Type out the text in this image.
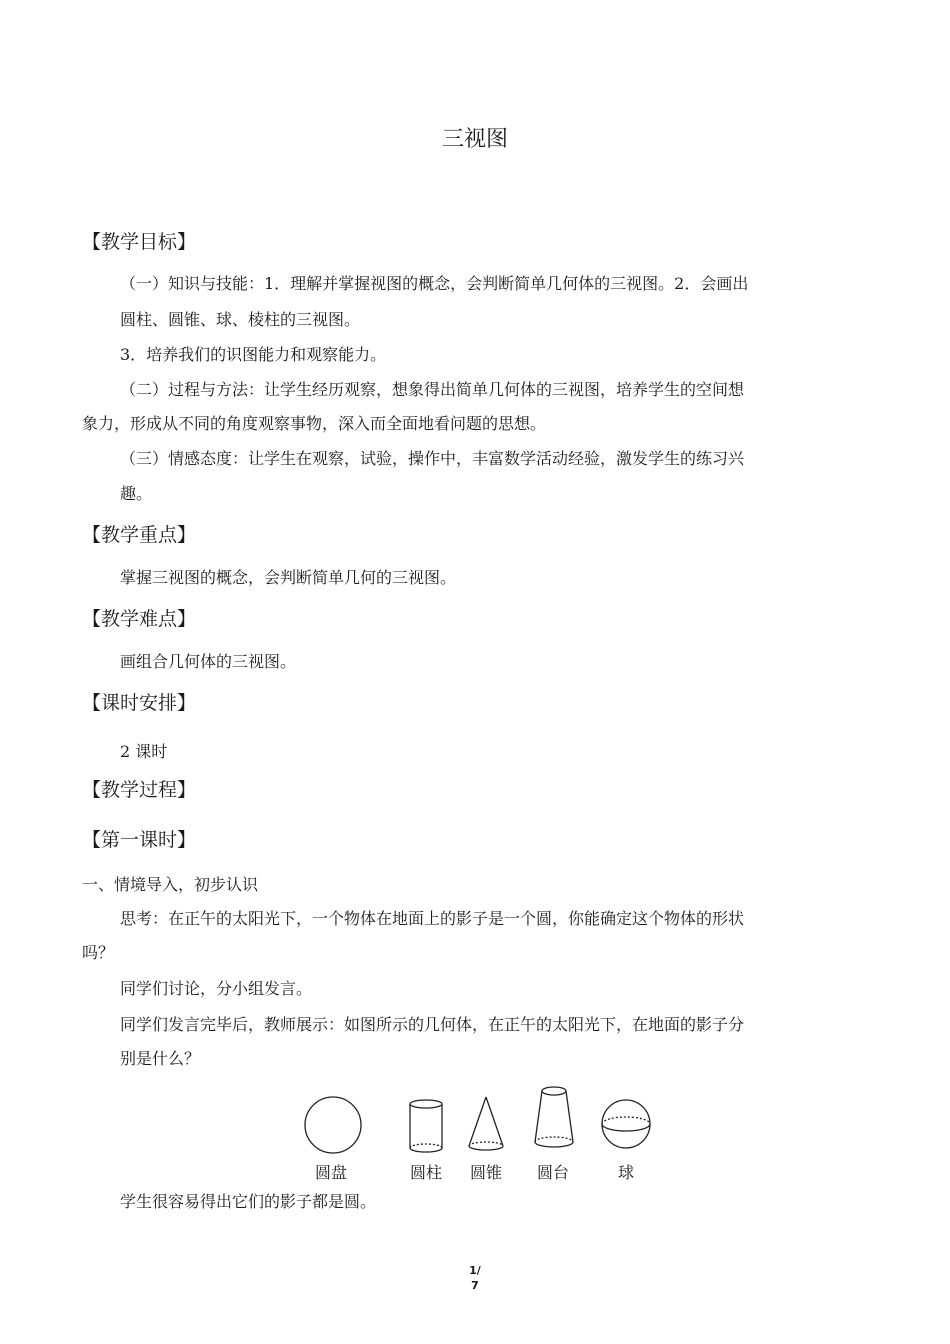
三视图
【教学目标】
（一）知识与技能：1．理解并掌握视图的概念，会判断简单几何体的三视图。2．会画出
圆柱、圆锥、球、棱柱的三视图。
3．培养我们的识图能力和观察能力。
（二）过程与方法：让学生经历观察，想象得出简单几何体的三视图，培养学生的空间想
象力，形成从不同的角度观察事物，深入而全面地看问题的思想。
（三）情感态度：让学生在观察，试验，操作中，丰富数学活动经验，激发学生的练习兴
趣。
【教学重点】
掌握三视图的概念，会判断简单几何的三视图。
【教学难点】
画组合几何体的三视图。
【课时安排】
2 课时
【教学过程】
【第一课时】
一、情境导入，初步认识
思考：在正午的太阳光下，一个物体在地面上的影子是一个圆，你能确定这个物体的形状
吗？
同学们讨论，分小组发言。
同学们发言完毕后，教师展示：如图所示的几何体，在正午的太阳光下，在地面的影子分
别是什么？
圆盘	圆柱 圆锥 圆台	球
学生很容易得出它们的影子都是圆。
1/
7
